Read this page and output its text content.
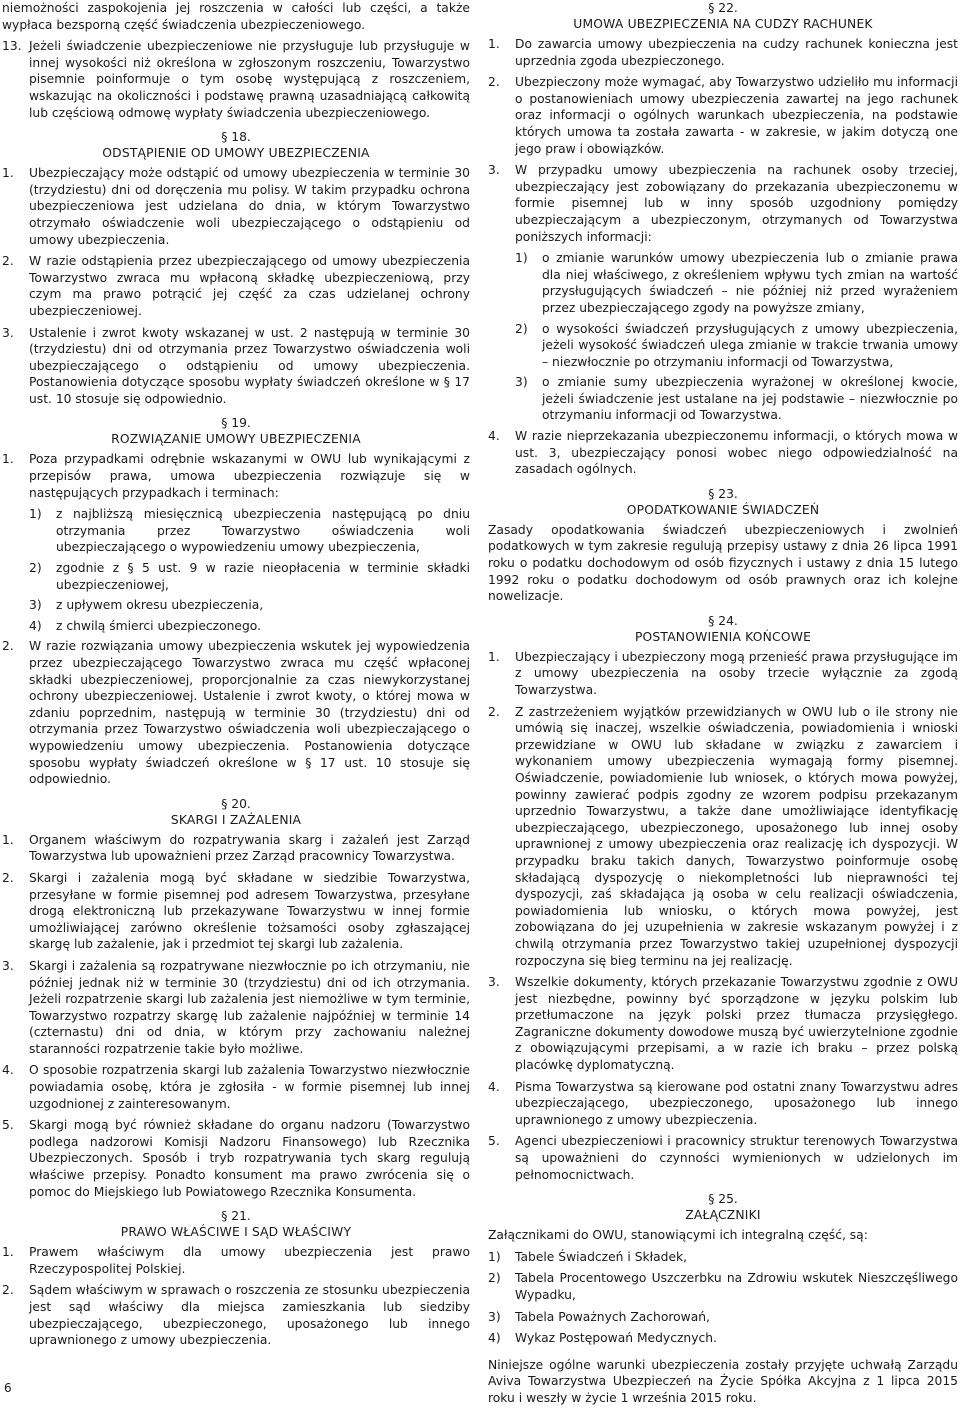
niemożności zaspokojenia jej roszczenia w całości lub części, a także wypłaca bezsporną część świadczenia ubezpieczeniowego.

13. Jeżeli świadczenie ubezpieczeniowe nie przysługuje lub przysługuje w innej wysokości niż określona w zgłoszonym roszczeniu, Towarzystwo pisemnie poinformuje o tym osobę występującą z roszczeniem, wskazując na okoliczności i podstawę prawną uzasadniającą całkowitą lub częściową odmowę wypłaty świadczenia ubezpieczeniowego.
§ 18.
ODSTĄPIENIE OD UMOWY UBEZPIECZENIA
1.	Ubezpieczający może odstąpić od umowy ubezpieczenia w terminie 30 (trzydziestu) dni od doręczenia mu polisy. W takim przypadku ochrona ubezpieczeniowa jest udzielana do dnia, w którym Towarzystwo otrzymało oświadczenie woli ubezpieczającego o odstąpieniu od umowy ubezpieczenia.
2.	W razie odstąpienia przez ubezpieczającego od umowy ubezpieczenia Towarzystwo zwraca mu wpłaconą składkę ubezpieczeniową, przy czym ma prawo potrącić jej część za czas udzielanej ochrony ubezpieczeniowej.
3.	Ustalenie i zwrot kwoty wskazanej w ust. 2 następują w terminie 30 (trzydziestu) dni od otrzymania przez Towarzystwo oświadczenia woli ubezpieczającego o odstąpieniu od umowy ubezpieczenia. Postanowienia dotyczące sposobu wypłaty świadczeń określone w § 17 ust. 10 stosuje się odpowiednio.
§ 19.
ROZWIĄZANIE UMOWY UBEZPIECZENIA
1.	Poza przypadkami odrębnie wskazanymi w OWU lub wynikającymi z przepisów prawa, umowa ubezpieczenia rozwiązuje się w następujących przypadkach i terminach:
1)	z najbliższą miesięcznicą ubezpieczenia następującą po dniu otrzymania przez Towarzystwo oświadczenia woli ubezpieczającego o wypowiedzeniu umowy ubezpieczenia,
2)	zgodnie z § 5 ust. 9 w razie nieopłacenia w terminie składki ubezpieczeniowej,
3)	z upływem okresu ubezpieczenia,
4)	z chwilą śmierci ubezpieczonego.
2.	W razie rozwiązania umowy ubezpieczenia wskutek jej wypowiedzenia przez ubezpieczającego Towarzystwo zwraca mu część wpłaconej składki ubezpieczeniowej, proporcjonalnie za czas niewykorzystanej ochrony ubezpieczeniowej. Ustalenie i zwrot kwoty, o której mowa w zdaniu poprzednim, następują w terminie 30 (trzydziestu) dni od otrzymania przez Towarzystwo oświadczenia woli ubezpieczającego o wypowiedzeniu umowy ubezpieczenia. Postanowienia dotyczące sposobu wypłaty świadczeń określone w § 17 ust. 10 stosuje się odpowiednio.
§ 20.
SKARGI I ZAŻALENIA
1.	Organem właściwym do rozpatrywania skarg i zażaleń jest Zarząd Towarzystwa lub upoważnieni przez Zarząd pracownicy Towarzystwa.
2.	Skargi i zażalenia mogą być składane w siedzibie Towarzystwa, przesyłane w formie pisemnej pod adresem Towarzystwa, przesyłane drogą elektroniczną lub przekazywane Towarzystwu w innej formie umożliwiającej zarówno określenie tożsamości osoby zgłaszającej skargę lub zażalenie, jak i przedmiot tej skargi lub zażalenia.
3.	Skargi i zażalenia są rozpatrywane niezwłocznie po ich otrzymaniu, nie później jednak niż w terminie 30 (trzydziestu) dni od ich otrzymania. Jeżeli rozpatrzenie skargi lub zażalenia jest niemożliwe w tym terminie, Towarzystwo rozpatrzy skargę lub zażalenie najpóźniej w terminie 14 (czternastu) dni od dnia, w którym przy zachowaniu należnej staranności rozpatrzenie takie było możliwe.
4.	O sposobie rozpatrzenia skargi lub zażalenia Towarzystwo niezwłocznie powiadamia osobę, która je zgłosiła - w formie pisemnej lub innej uzgodnionej z zainteresowanym.
5.	Skargi mogą być również składane do organu nadzoru (Towarzystwo podlega nadzorowi Komisji Nadzoru Finansowego) lub Rzecznika Ubezpieczonych. Sposób i tryb rozpatrywania tych skarg regulują właściwe przepisy. Ponadto konsument ma prawo zwrócenia się o pomoc do Miejskiego lub Powiatowego Rzecznika Konsumenta.
§ 21.
PRAWO WŁAŚCIWE I SĄD WŁAŚCIWY
1.	Prawem właściwym dla umowy ubezpieczenia jest prawo Rzeczypospolitej Polskiej.
2.	Sądem właściwym w sprawach o roszczenia ze stosunku ubezpieczenia jest sąd właściwy dla miejsca zamieszkania lub siedziby ubezpieczającego, ubezpieczonego, uposażonego lub innego uprawnionego z umowy ubezpieczenia.
§ 22.
UMOWA UBEZPIECZENIA NA CUDZY RACHUNEK
1.	Do zawarcia umowy ubezpieczenia na cudzy rachunek konieczna jest uprzednia zgoda ubezpieczonego.
2.	Ubezpieczony może wymagać, aby Towarzystwo udzieliło mu informacji o postanowieniach umowy ubezpieczenia zawartej na jego rachunek oraz informacji o ogólnych warunkach ubezpieczenia, na podstawie których umowa ta została zawarta - w zakresie, w jakim dotyczą one jego praw i obowiązków.
3.	W przypadku umowy ubezpieczenia na rachunek osoby trzeciej, ubezpieczający jest zobowiązany do przekazania ubezpieczonemu w formie pisemnej lub w inny sposób uzgodniony pomiędzy ubezpieczającym a ubezpieczonym, otrzymanych od Towarzystwa poniższych informacji:
1)	o zmianie warunków umowy ubezpieczenia lub o zmianie prawa dla niej właściwego, z określeniem wpływu tych zmian na wartość przysługujących świadczeń – nie później niż przed wyrażeniem przez ubezpieczającego zgody na powyższe zmiany,
2)	o wysokości świadczeń przysługujących z umowy ubezpieczenia, jeżeli wysokość świadczeń ulega zmianie w trakcie trwania umowy – niezwłocznie po otrzymaniu informacji od Towarzystwa,
3)	o zmianie sumy ubezpieczenia wyrażonej w określonej kwocie, jeżeli świadczenie jest ustalane na jej podstawie – niezwłocznie po otrzymaniu informacji od Towarzystwa.
4.	W razie nieprzekazania ubezpieczonemu informacji, o których mowa w ust. 3, ubezpieczający ponosi wobec niego odpowiedzialność na zasadach ogólnych.
§ 23.
OPODATKOWANIE ŚWIADCZEŃ

Zasady opodatkowania świadczeń ubezpieczeniowych i zwolnień podatkowych w tym zakresie regulują przepisy ustawy z dnia 26 lipca 1991 roku o podatku dochodowym od osób fizycznych i ustawy z dnia 15 lutego 1992 roku o podatku dochodowym od osób prawnych oraz ich kolejne nowelizacje.

§ 24.
POSTANOWIENIA KOŃCOWE
1.	Ubezpieczający i ubezpieczony mogą przenieść prawa przysługujące im z umowy ubezpieczenia na osoby trzecie wyłącznie za zgodą Towarzystwa.
2.	Z zastrzeżeniem wyjątków przewidzianych w OWU lub o ile strony nie umówią się inaczej, wszelkie oświadczenia, powiadomienia i wnioski przewidziane w OWU lub składane w związku z zawarciem i wykonaniem umowy ubezpieczenia wymagają formy pisemnej. Oświadczenie, powiadomienie lub wniosek, o których mowa powyżej, powinny zawierać podpis zgodny ze wzorem podpisu przekazanym uprzednio Towarzystwu, a także dane umożliwiające identyfikację ubezpieczającego, ubezpieczonego, uposażonego lub innej osoby uprawnionej z umowy ubezpieczenia oraz realizację ich dyspozycji. W przypadku braku takich danych, Towarzystwo poinformuje osobę składającą dyspozycję o niekompletności lub nieprawności tej dyspozycji, zaś składająca ją osoba w celu realizacji oświadczenia, powiadomienia lub wniosku, o których mowa powyżej, jest zobowiązana do jej uzupełnienia w zakresie wskazanym powyżej i z chwilą otrzymania przez Towarzystwo takiej uzupełnionej dyspozycji rozpoczyna się bieg terminu na jej realizację.
3.	Wszelkie dokumenty, których przekazanie Towarzystwu zgodnie z OWU jest niezbędne, powinny być sporządzone w języku polskim lub przetłumaczone na język polski przez tłumacza przysięgłego. Zagraniczne dokumenty dowodowe muszą być uwierzytelnione zgodnie z obowiązującymi przepisami, a w razie ich braku – przez polską placówkę dyplomatyczną.
4.	Pisma Towarzystwa są kierowane pod ostatni znany Towarzystwu adres ubezpieczającego, ubezpieczonego, uposażonego lub innego uprawnionego z umowy ubezpieczenia.
5.	Agenci ubezpieczeniowi i pracownicy struktur terenowych Towarzystwa są upoważnieni do czynności wymienionych w udzielonych im pełnomocnictwach.
§ 25.
ZAŁĄCZNIKI

Załącznikami do OWU, stanowiącymi ich integralną część, są:

1)	Tabele Świadczeń i Składek,
2)	Tabela Procentowego Uszczerbku na Zdrowiu wskutek Nieszczęśliwego Wypadku,
3)	Tabela Poważnych Zachorowań,
4)	Wykaz Postępowań Medycznych.

Niniejsze ogólne warunki ubezpieczenia zostały przyjęte uchwałą Zarządu Aviva Towarzystwa Ubezpieczeń na Życie Spółka Akcyjna z 1 lipca 2015 roku i weszły w życie 1 września 2015 roku.

6
